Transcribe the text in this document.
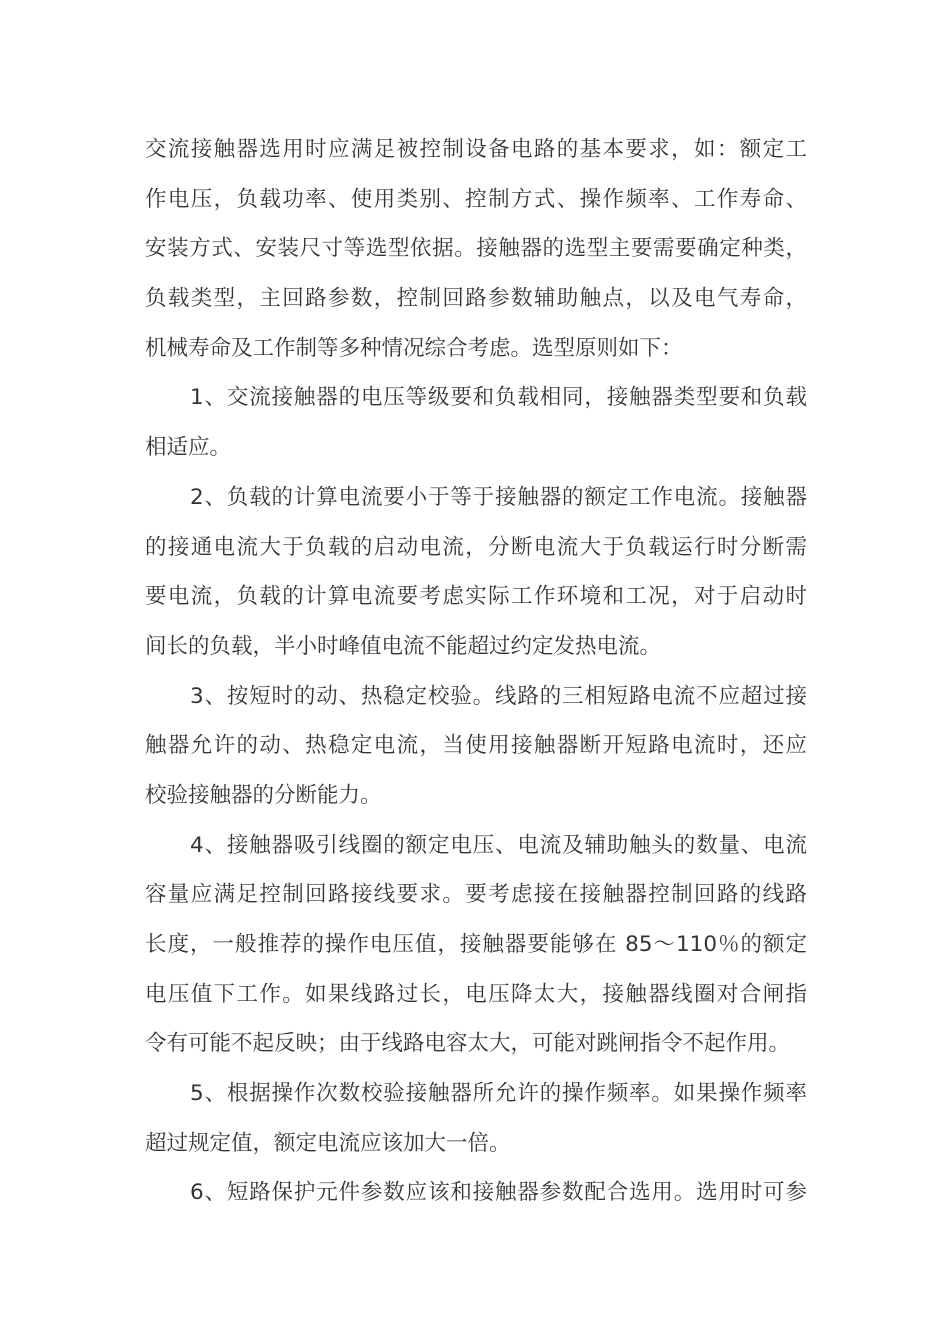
交流接触器选用时应满足被控制设备电路的基本要求，如：额定工
作电压，负载功率、使用类别、控制方式、操作频率、工作寿命、
安装方式、安装尺寸等选型依据。接触器的选型主要需要确定种类，
负载类型，主回路参数，控制回路参数辅助触点，以及电气寿命，
机械寿命及工作制等多种情况综合考虑。选型原则如下：
1、交流接触器的电压等级要和负载相同，接触器类型要和负载
相适应。
2、负载的计算电流要小于等于接触器的额定工作电流。接触器
的接通电流大于负载的启动电流，分断电流大于负载运行时分断需
要电流，负载的计算电流要考虑实际工作环境和工况，对于启动时
间长的负载，半小时峰值电流不能超过约定发热电流。
3、按短时的动、热稳定校验。线路的三相短路电流不应超过接
触器允许的动、热稳定电流，当使用接触器断开短路电流时，还应
校验接触器的分断能力。
4、接触器吸引线圈的额定电压、电流及辅助触头的数量、电流
容量应满足控制回路接线要求。要考虑接在接触器控制回路的线路
长度，一般推荐的操作电压值，接触器要能够在 85～110％的额定
电压值下工作。如果线路过长，电压降太大，接触器线圈对合闸指
令有可能不起反映；由于线路电容太大，可能对跳闸指令不起作用。
5、根据操作次数校验接触器所允许的操作频率。如果操作频率
超过规定值，额定电流应该加大一倍。
6、短路保护元件参数应该和接触器参数配合选用。选用时可参
